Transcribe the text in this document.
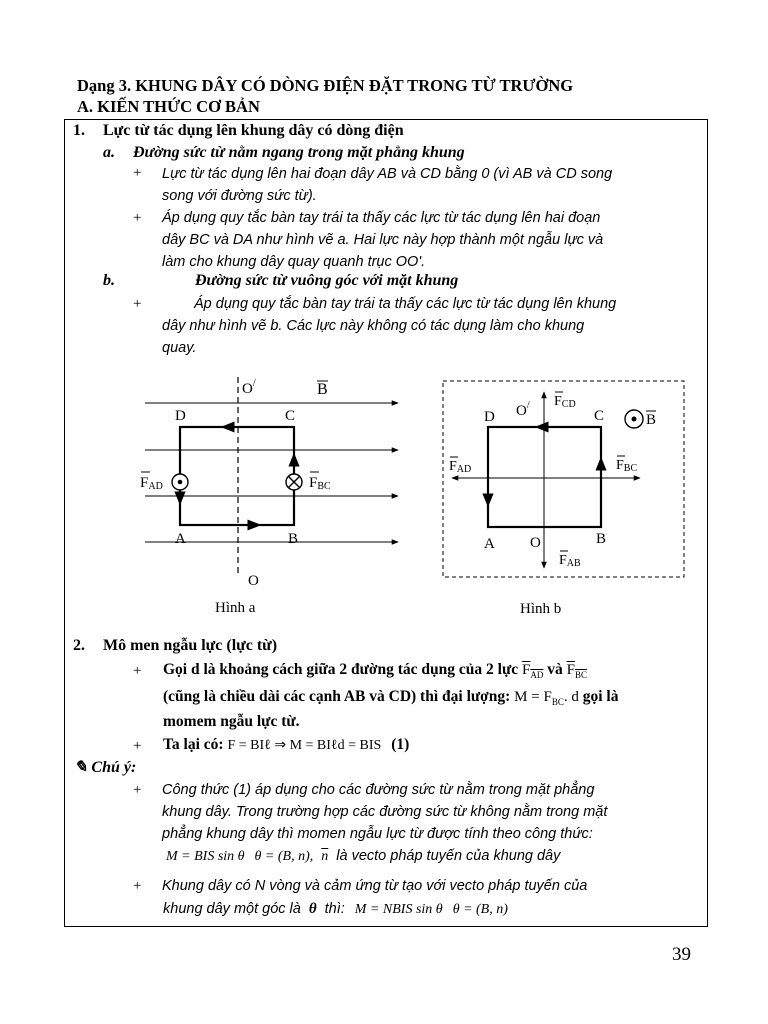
Dạng 3. KHUNG DÂY CÓ DÒNG ĐIỆN ĐẶT TRONG TỪ TRƯỜNG
A. KIẾN THỨC CƠ BẢN
1. Lực từ tác dụng lên khung dây có dòng điện
a. Đường sức từ nằm ngang trong mặt phẳng khung
+ Lực từ tác dụng lên hai đoạn dây AB và CD bằng 0 (vì AB và CD song
song với đường sức từ).
+ Áp dụng quy tắc bàn tay trái ta thấy các lực từ tác dụng lên hai đoạn
dây BC và DA như hình vẽ a. Hai lực này hợp thành một ngẫu lực và
làm cho khung dây quay quanh trục OO'.
b.	Đường sức từ vuông góc với mặt khung
+	Áp dụng quy tắc bàn tay trái ta thấy các lực từ tác dụng lên khung
dây như hình vẽ b. Các lực này không có tác dụng làm cho khung
quay.
O/	B
D	C
A	B
O
FAD	FBC
Hình a
D	C
A	B
O
O/
B
FCD
FAD	FBC
FAB
Hình b
2. Mô men ngẫu lực (lực từ)
+ Gọi d là khoảng cách giữa 2 đường tác dụng của 2 lực $F_{AD}$ và $F_{BC}$
(cũng là chiều dài các cạnh AB và CD) thì đại lượng: $M = F_{BC}$. d gọi là
momem ngẫu lực từ.
+ Ta lại có: F = BIℓ ⇒ M = BIℓd = BIS (1)
✎ Chú ý:
+ Công thức (1) áp dụng cho các đường sức từ nằm trong mặt phẳng
khung dây. Trong trường hợp các đường sức từ không nằm trong mặt
phẳng khung dây thì momen ngẫu lực từ được tính theo công thức:
M = BIS sin θ θ = (B, n), $\overline{n}$ là vecto pháp tuyến của khung dây
+ Khung dây có N vòng và cảm ứng từ tạo với vecto pháp tuyến của
khung dây một góc là θ thì: M = NBIS sin θ θ = (B, n)
39
